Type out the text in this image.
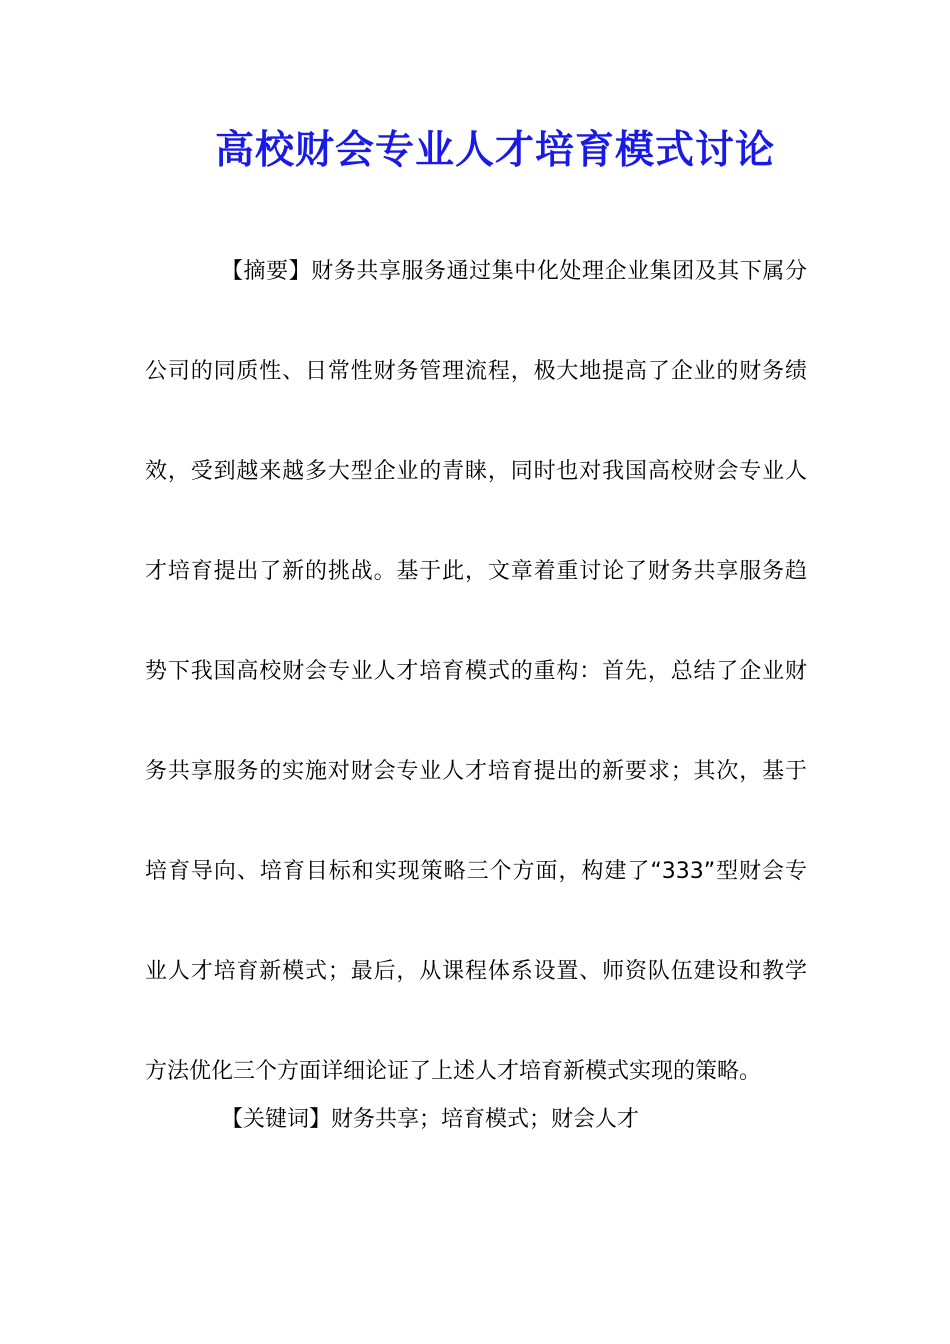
高校财会专业人才培育模式讨论
【摘要】财务共享服务通过集中化处理企业集团及其下属分
公司的同质性、日常性财务管理流程，极大地提高了企业的财务绩
效，受到越来越多大型企业的青睐，同时也对我国高校财会专业人
才培育提出了新的挑战。基于此，文章着重讨论了财务共享服务趋
势下我国高校财会专业人才培育模式的重构：首先，总结了企业财
务共享服务的实施对财会专业人才培育提出的新要求；其次，基于
培育导向、培育目标和实现策略三个方面，构建了“333”型财会专
业人才培育新模式；最后，从课程体系设置、师资队伍建设和教学
方法优化三个方面详细论证了上述人才培育新模式实现的策略。
【关键词】财务共享；培育模式；财会人才
